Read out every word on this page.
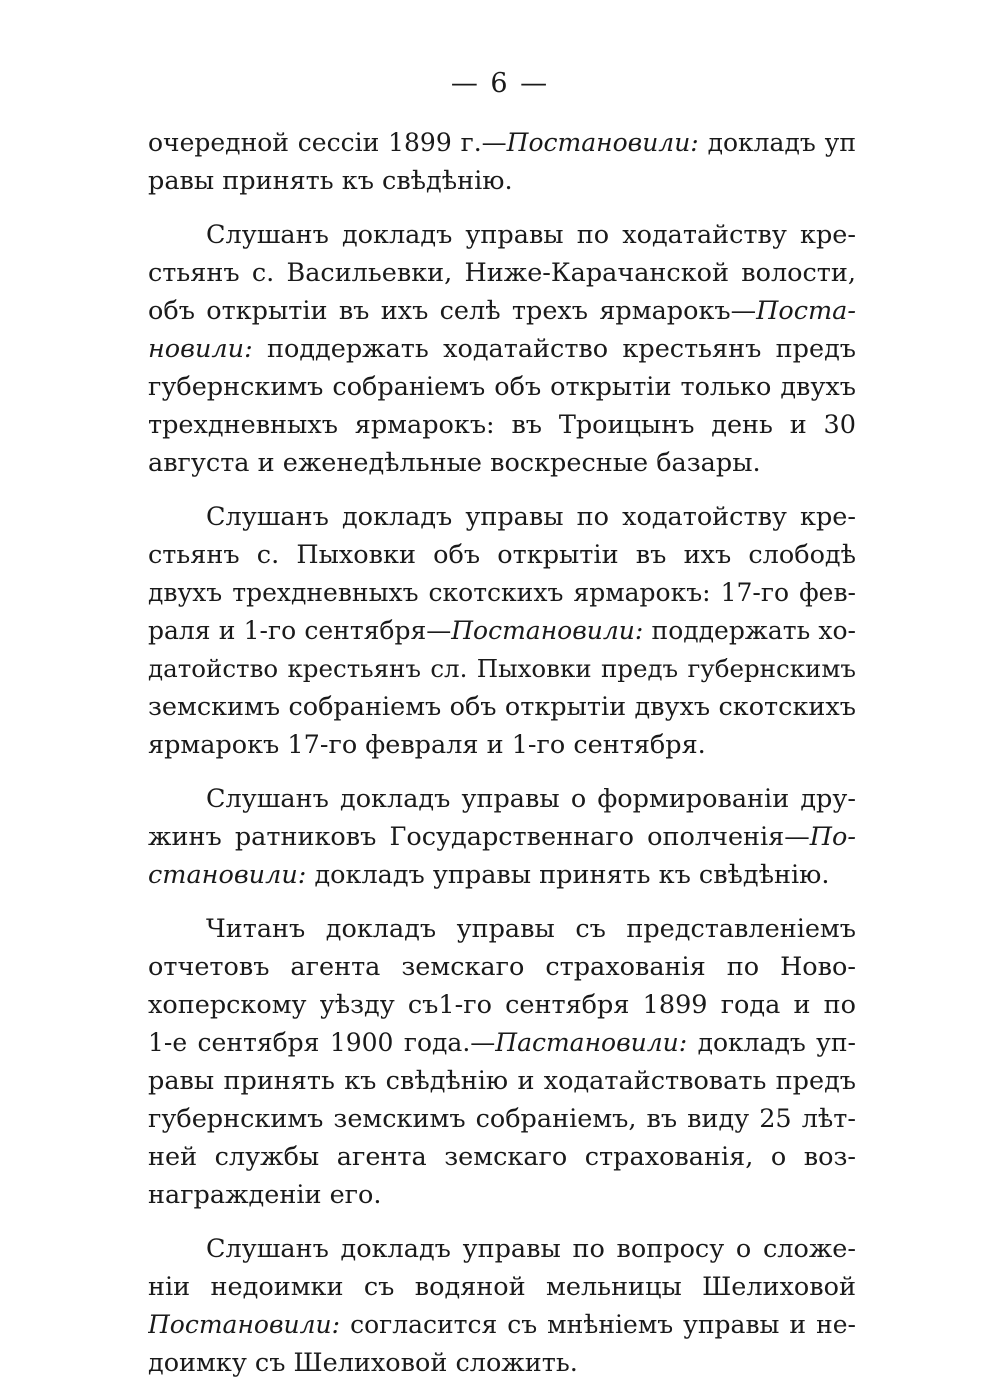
— 6 —
очередной сессіи 1899 г.—Постановили: докладъ уп
равы принять къ свѣдѣнію.
Слушанъ докладъ управы по ходатайству кре-
стьянъ с. Васильевки, Ниже-Карачанской волости,
объ открытіи въ ихъ селѣ трехъ ярмарокъ—Поста-
новили: поддержать ходатайство крестьянъ предъ
губернскимъ собраніемъ объ открытіи только двухъ
трехдневныхъ ярмарокъ: въ Троицынъ день и 30
августа и еженедѣльные воскресные базары.
Слушанъ докладъ управы по ходатойству кре-
стьянъ с. Пыховки объ открытіи въ ихъ слободѣ
двухъ трехдневныхъ скотскихъ ярмарокъ: 17-го фев-
раля и 1-го сентября—Постановили: поддержать хо-
датойство крестьянъ сл. Пыховки предъ губернскимъ
земскимъ собраніемъ объ открытіи двухъ скотскихъ
ярмарокъ 17-го февраля и 1-го сентября.
Слушанъ докладъ управы о формированіи дру-
жинъ ратниковъ Государственнаго ополченія—По-
становили: докладъ управы принять къ свѣдѣнію.
Читанъ докладъ управы съ представленіемъ
отчетовъ агента земскаго страхованія по Ново-
хоперскому уѣзду съ1-го сентября 1899 года и по
1-е сентября 1900 года.—Пастановили: докладъ уп-
равы принять къ свѣдѣнію и ходатайствовать предъ
губернскимъ земскимъ собраніемъ, въ виду 25 лѣт-
ней службы агента земскаго страхованія, о воз-
награжденіи его.
Слушанъ докладъ управы по вопросу о сложе-
ніи недоимки съ водяной мельницы Шелиховой
Постановили: согласится съ мнѣніемъ управы и не-
доимку съ Шелиховой сложить.
